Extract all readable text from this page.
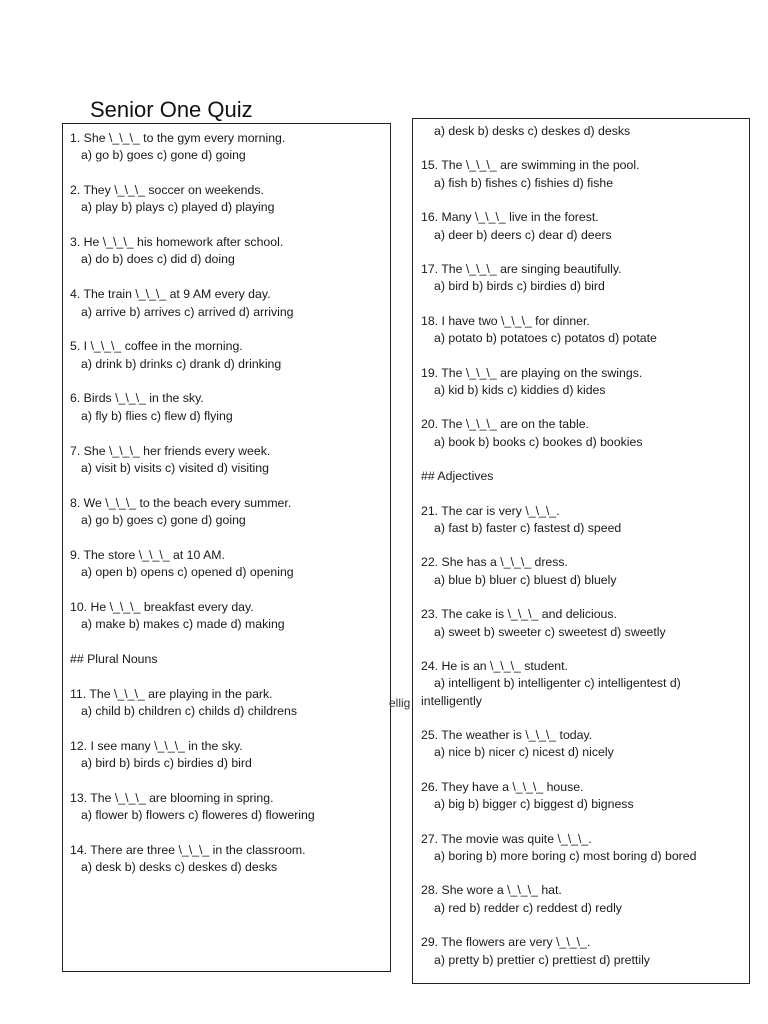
Senior One Quiz
1. She \_\_\_ to the gym every morning.
a) go b) goes c) gone d) going
2. They \_\_\_ soccer on weekends.
a) play b) plays c) played d) playing
3. He \_\_\_ his homework after school.
a) do b) does c) did d) doing
4. The train \_\_\_ at 9 AM every day.
a) arrive b) arrives c) arrived d) arriving
5. I \_\_\_ coffee in the morning.
a) drink b) drinks c) drank d) drinking
6. Birds \_\_\_ in the sky.
a) fly b) flies c) flew d) flying
7. She \_\_\_ her friends every week.
a) visit b) visits c) visited d) visiting
8. We \_\_\_ to the beach every summer.
a) go b) goes c) gone d) going
9. The store \_\_\_ at 10 AM.
a) open b) opens c) opened d) opening
10. He \_\_\_ breakfast every day.
a) make b) makes c) made d) making
## Plural Nouns
11. The \_\_\_ are playing in the park.
a) child b) children c) childs d) childrens
12. I see many \_\_\_ in the sky.
a) bird b) birds c) birdies d) bird
13. The \_\_\_ are blooming in spring.
a) flower b) flowers c) floweres d) flowering
14. There are three \_\_\_ in the classroom.
a) desk b) desks c) deskes d) desks
a) desk b) desks c) deskes d) desks
15. The \_\_\_ are swimming in the pool.
a) fish b) fishes c) fishies d) fishe
16. Many \_\_\_ live in the forest.
a) deer b) deers c) dear d) deers
17. The \_\_\_ are singing beautifully.
a) bird b) birds c) birdies d) bird
18. I have two \_\_\_ for dinner.
a) potato b) potatoes c) potatos d) potate
19. The \_\_\_ are playing on the swings.
a) kid b) kids c) kiddies d) kides
20. The \_\_\_ are on the table.
a) book b) books c) bookes d) bookies
## Adjectives
21. The car is very \_\_\_.
a) fast b) faster c) fastest d) speed
22. She has a \_\_\_ dress.
a) blue b) bluer c) bluest d) bluely
23. The cake is \_\_\_ and delicious.
a) sweet b) sweeter c) sweetest d) sweetly
24. He is an \_\_\_ student.
a) intelligent b) intelligenter c) intelligentest d) intelligently
25. The weather is \_\_\_ today.
a) nice b) nicer c) nicest d) nicely
26. They have a \_\_\_ house.
a) big b) bigger c) biggest d) bigness
27. The movie was quite \_\_\_.
a) boring b) more boring c) most boring d) bored
28. She wore a \_\_\_ hat.
a) red b) redder c) reddest d) redly
29. The flowers are very \_\_\_.
a) pretty b) prettier c) prettiest d) prettily
ellig
